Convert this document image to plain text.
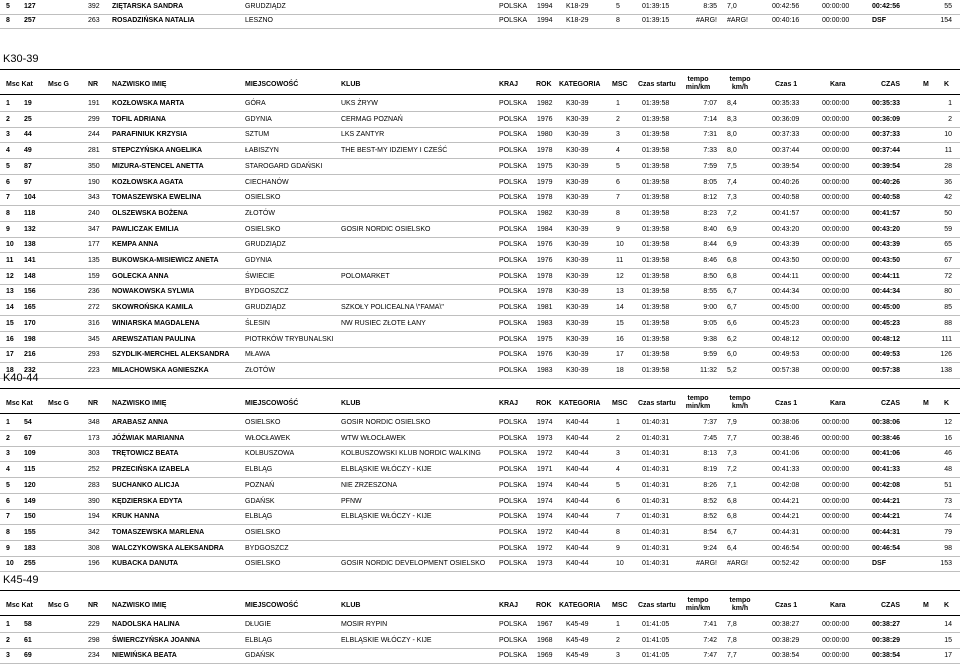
5 127	392 ZIĘTARSKA SANDRA	GRUDZIĄDZ	POLSKA 1994 K18-29	5	01:39:15	8:35 7,0	00:42:56	00:00:00	00:42:56	55
8 257	263 ROSADZIŃSKA NATALIA	LESZNO	POLSKA 1994 K18-29	8	01:39:15	#ARG! #ARG!	00:40:16	00:00:00	DSF	154
K30-39
Msc Kat Msc G	NR NAZWISKO IMIĘ	MIEJSCOWOŚĆ	KLUB	KRAJ	ROK KATEGORIA MSC Czas startu
tempo
min/km
tempo
km/h	Czas 1	Kara	CZAS	M K
1 19	191 KOZŁOWSKA MARTA	GÓRA	UKS ŻRYW	POLSKA 1982 K30-39	1	01:39:58	7:07 8,4	00:35:33	00:00:00	00:35:33	1
2 25	299 TOFIL ADRIANA	GDYNIA	CERMAG POZNAŃ	POLSKA 1976 K30-39	2	01:39:58	7:14 8,3	00:36:09	00:00:00	00:36:09	2
3 44	244 PARAFINIUK KRZYSIA	SZTUM	LKS ZANTYR	POLSKA 1980 K30-39	3	01:39:58	7:31 8,0	00:37:33	00:00:00	00:37:33	10
4 49	281 STEPCZYŃSKA ANGELIKA	ŁABISZYN	THE BEST-MY IDZIEMY I CZEŚĆ	POLSKA 1978 K30-39	4	01:39:58	7:33 8,0	00:37:44	00:00:00	00:37:44	11
5 87	350 MIZURA-STENCEL ANETTA	STAROGARD GDAŃSKI	POLSKA 1975 K30-39	5	01:39:58	7:59 7,5	00:39:54	00:00:00	00:39:54	28
6 97	190 KOZŁOWSKA AGATA	CIECHANÓW	POLSKA 1979 K30-39	6	01:39:58	8:05 7,4	00:40:26	00:00:00	00:40:26	36
7 104	343 TOMASZEWSKA EWELINA	OSIELSKO	POLSKA 1978 K30-39	7	01:39:58	8:12 7,3	00:40:58	00:00:00	00:40:58	42
8 118	240 OLSZEWSKA BOŻENA	ZŁOTÓW	POLSKA 1982 K30-39	8	01:39:58	8:23 7,2	00:41:57	00:00:00	00:41:57	50
9 132	347 PAWLICZAK EMILIA	OSIELSKO	GOSIR NORDIC OSIELSKO	POLSKA 1984 K30-39	9	01:39:58	8:40 6,9	00:43:20	00:00:00	00:43:20	59
10 138	177 KEMPA ANNA	GRUDZIĄDZ	POLSKA 1976 K30-39	10	01:39:58	8:44 6,9	00:43:39	00:00:00	00:43:39	65
11 141	135 BUKOWSKA-MISIEWICZ ANETA	GDYNIA	POLSKA 1976 K30-39	11	01:39:58	8:46 6,8	00:43:50	00:00:00	00:43:50	67
12 148	159 GOLECKA ANNA	ŚWIECIE	POLOMARKET	POLSKA 1978 K30-39	12	01:39:58	8:50 6,8	00:44:11	00:00:00	00:44:11	72
13 156	236 NOWAKOWSKA SYLWIA	BYDGOSZCZ	POLSKA 1978 K30-39	13	01:39:58	8:55 6,7	00:44:34	00:00:00	00:44:34	80
14 165	272 SKOWROŃSKA KAMILA	GRUDZIĄDZ	SZKOŁY POLICEALNA \"FAMA\"	POLSKA 1981 K30-39	14	01:39:58	9:00 6,7	00:45:00	00:00:00	00:45:00	85
15 170	316 WINIARSKA MAGDALENA	ŚLESIN	NW RUSIEC ZŁOTE ŁANY	POLSKA 1983 K30-39	15	01:39:58	9:05 6,6	00:45:23	00:00:00	00:45:23	88
16 198	345 AREWSZATIAN PAULINA	PIOTRKÓW TRYBUNALSKI	POLSKA 1975 K30-39	16	01:39:58	9:38 6,2	00:48:12	00:00:00	00:48:12	111
17 216	293 SZYDLIK-MERCHEL ALEKSANDRA MŁAWA	POLSKA 1976 K30-39	17	01:39:58	9:59 6,0	00:49:53	00:00:00	00:49:53	126
18 232	223 MILACHOWSKA AGNIESZKA	ZŁOTÓW	POLSKA 1983 K30-39	18	01:39:58	11:32 5,2	00:57:38	00:00:00	00:57:38	138
K40-44
Msc Kat Msc G	NR NAZWISKO IMIĘ	MIEJSCOWOŚĆ	KLUB	KRAJ	ROK KATEGORIA MSC Czas startu
tempo
min/km
tempo
km/h	Czas 1	Kara	CZAS	M K
1 54	348 ARABASZ ANNA	OSIELSKO	GOSIR NORDIC OSIELSKO	POLSKA 1974 K40-44	1	01:40:31	7:37 7,9	00:38:06	00:00:00	00:38:06	12
2 67	173 JÓŹWIAK MARIANNA	WŁOCŁAWEK	WTW WŁOCŁAWEK	POLSKA 1973 K40-44	2	01:40:31	7:45 7,7	00:38:46	00:00:00	00:38:46	16
3 109	303 TRĘTOWICZ BEATA	KOLBUSZOWA	KOLBUSZOWSKI KLUB NORDIC WALKING	POLSKA 1972 K40-44	3	01:40:31	8:13 7,3	00:41:06	00:00:00	00:41:06	46
4 115	252 PRZECIŃSKA IZABELA	ELBLĄG	ELBLĄSKIE WŁÓCZY - KIJE	POLSKA 1971 K40-44	4	01:40:31	8:19 7,2	00:41:33	00:00:00	00:41:33	48
5 120	283 SUCHANKO ALICJA	POZNAŃ	NIE ZRZESZONA	POLSKA 1974 K40-44	5	01:40:31	8:26 7,1	00:42:08	00:00:00	00:42:08	51
6 149	390 KĘDZIERSKA EDYTA	GDAŃSK	PFNW	POLSKA 1974 K40-44	6	01:40:31	8:52 6,8	00:44:21	00:00:00	00:44:21	73
7 150	194 KRUK HANNA	ELBLĄG	ELBLĄSKIE WŁÓCZY - KIJE	POLSKA 1974 K40-44	7	01:40:31	8:52 6,8	00:44:21	00:00:00	00:44:21	74
8 155	342 TOMASZEWSKA MARLENA	OSIELSKO	POLSKA 1972 K40-44	8	01:40:31	8:54 6,7	00:44:31	00:00:00	00:44:31	79
9 183	308 WALCZYKOWSKA ALEKSANDRA	BYDGOSZCZ	POLSKA 1972 K40-44	9	01:40:31	9:24 6,4	00:46:54	00:00:00	00:46:54	98
10 255	196 KUBACKA DANUTA	OSIELSKO	GOSIR NORDIC DEVELOPMENT OSIELSKO POLSKA 1973 K40-44	10	01:40:31	#ARG! #ARG!	00:52:42	00:00:00	DSF	153
K45-49
Msc Kat Msc G	NR NAZWISKO IMIĘ	MIEJSCOWOŚĆ	KLUB	KRAJ	ROK KATEGORIA MSC Czas startu
tempo
min/km
tempo
km/h	Czas 1	Kara	CZAS	M K
1 58	229 NADOLSKA HALINA	DŁUGIE	MOSIR RYPIN	POLSKA 1967 K45-49	1	01:41:05	7:41 7,8	00:38:27	00:00:00	00:38:27	14
2 61	298 ŚWIERCZYŃSKA JOANNA	ELBLĄG	ELBLĄSKIE WŁÓCZY - KIJE	POLSKA 1968 K45-49	2	01:41:05	7:42 7,8	00:38:29	00:00:00	00:38:29	15
3 69	234 NIEWIŃSKA BEATA	GDAŃSK	POLSKA 1969 K45-49	3	01:41:05	7:47 7,7	00:38:54	00:00:00	00:38:54	17
